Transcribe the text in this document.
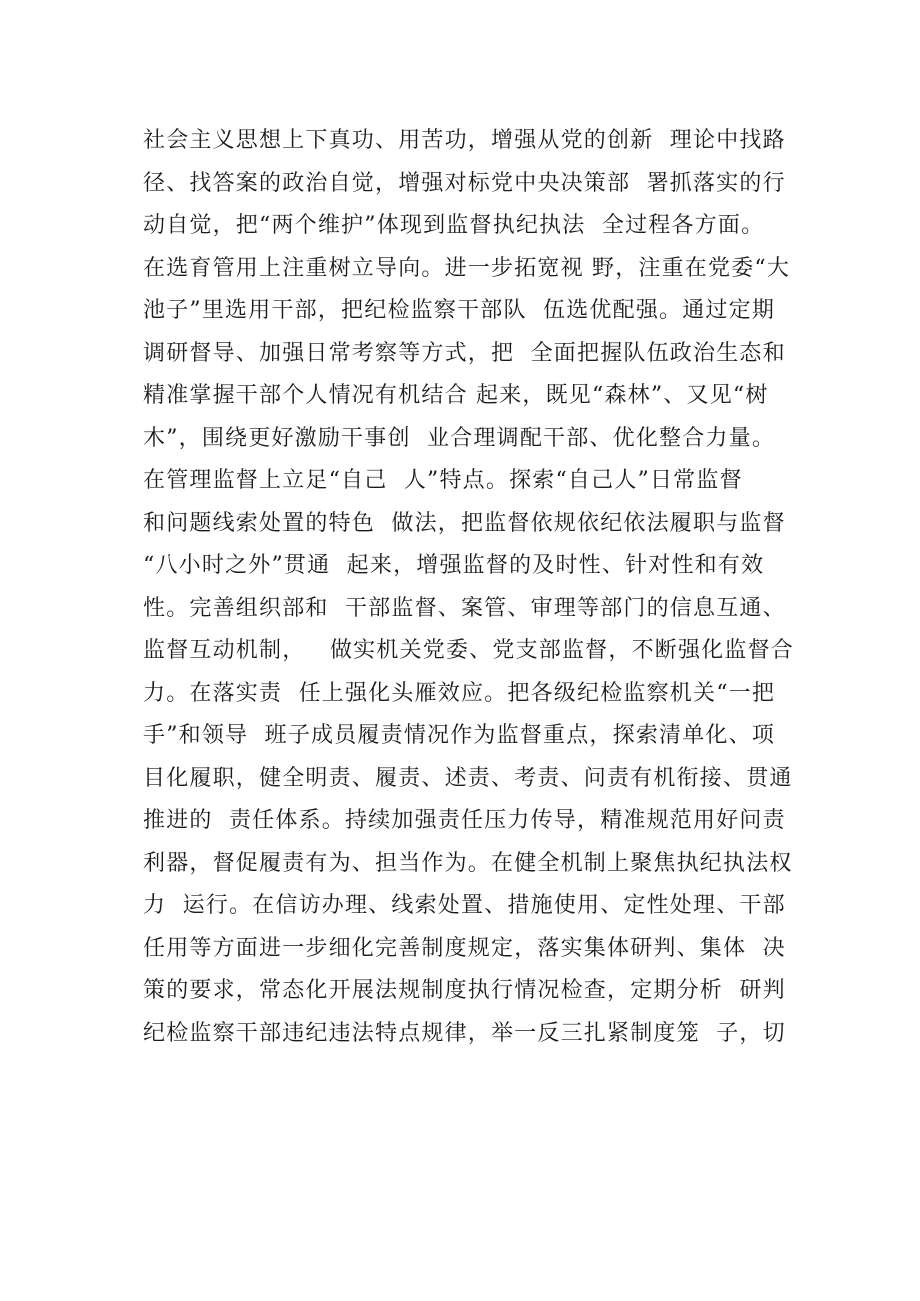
社会主义思想上下真功、用苦功，增强从党的创新  理论中找路
径、找答案的政治自觉，增强对标党中央决策部  署抓落实的行
动自觉，把“两个维护”体现到监督执纪执法  全过程各方面。
在选育管用上注重树立导向。进一步拓宽视 野，注重在党委“大
池子”里选用干部，把纪检监察干部队  伍选优配强。通过定期
调研督导、加强日常考察等方式，把  全面把握队伍政治生态和
精准掌握干部个人情况有机结合 起来，既见“森林”、又见“树
木”，围绕更好激励干事创  业合理调配干部、优化整合力量。
在管理监督上立足“自己  人”特点。探索“自己人”日常监督
和问题线索处置的特色  做法，把监督依规依纪依法履职与监督
“八小时之外”贯通  起来，增强监督的及时性、针对性和有效
性。完善组织部和  干部监督、案管、审理等部门的信息互通、
监督互动机制，   做实机关党委、党支部监督，不断强化监督合
力。在落实责  任上强化头雁效应。把各级纪检监察机关“一把
手”和领导  班子成员履责情况作为监督重点，探索清单化、项
目化履职，健全明责、履责、述责、考责、问责有机衔接、贯通
推进的  责任体系。持续加强责任压力传导，精准规范用好问责
利器，督促履责有为、担当作为。在健全机制上聚焦执纪执法权
力  运行。在信访办理、线索处置、措施使用、定性处理、干部
任用等方面进一步细化完善制度规定，落实集体研判、集体  决
策的要求，常态化开展法规制度执行情况检查，定期分析  研判
纪检监察干部违纪违法特点规律，举一反三扎紧制度笼  子，切
